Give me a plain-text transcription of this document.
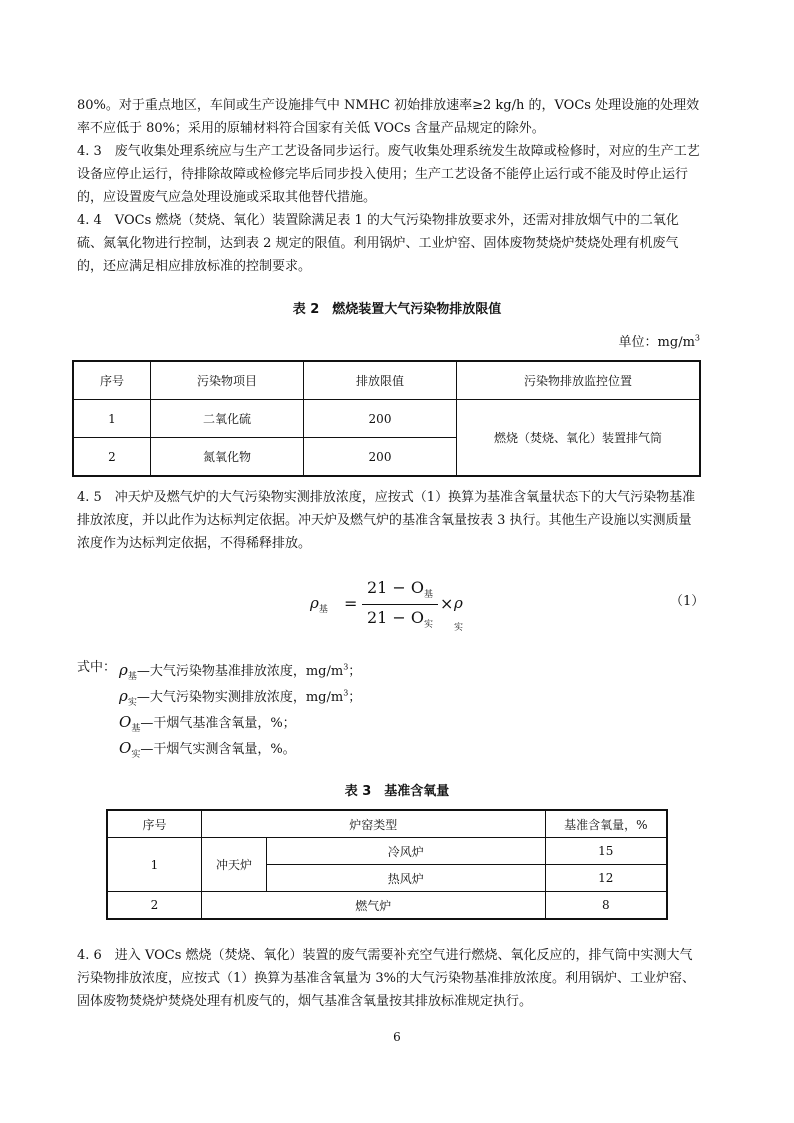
80%。对于重点地区，车间或生产设施排气中 NMHC 初始排放速率≥2 kg/h 的，VOCs 处理设施的处理效率不应低于 80%；采用的原辅材料符合国家有关低 VOCs 含量产品规定的除外。

4. 3　废气收集处理系统应与生产工艺设备同步运行。废气收集处理系统发生故障或检修时，对应的生产工艺设备应停止运行，待排除故障或检修完毕后同步投入使用；生产工艺设备不能停止运行或不能及时停止运行的，应设置废气应急处理设施或采取其他替代措施。

4. 4　VOCs 燃烧（焚烧、氧化）装置除满足表 1 的大气污染物排放要求外，还需对排放烟气中的二氧化硫、氮氧化物进行控制，达到表 2 规定的限值。利用锅炉、工业炉窑、固体废物焚烧炉焚烧处理有机废气的，还应满足相应排放标准的控制要求。

表 2　燃烧装置大气污染物排放限值
单位：$mg/m^3$
序号	污染物项目	排放限值	污染物排放监控位置
1	二氧化硫	200	燃烧（焚烧、氧化）装置排气筒
2	氮氧化物	200	

4. 5　冲天炉及燃气炉的大气污染物实测排放浓度，应按式（1）换算为基准含氧量状态下的大气污染物基准排放浓度，并以此作为达标判定依据。冲天炉及燃气炉的基准含氧量按表 3 执行。其他生产设施以实测质量浓度作为达标判定依据，不得稀释排放。

$\rho_基$ =
$21 - O_基$
$21 - O_实$
× $\rho_实$
（1）
式中： $\rho_基—$大气污染物基准排放浓度，$mg/m^3$；
$\rho_实—$大气污染物实测排放浓度，$mg/m^3$；
$O_基—$干烟气基准含氧量，%；
$O_实—$干烟气实测含氧量，%。
表 3　基准含氧量
序号	炉窑类型		基准含氧量，%
1	冲天炉	冷风炉	15
		热风炉	12
2	燃气炉		8

4. 6　进入 VOCs 燃烧（焚烧、氧化）装置的废气需要补充空气进行燃烧、氧化反应的，排气筒中实测大气污染物排放浓度，应按式（1）换算为基准含氧量为 3%的大气污染物基准排放浓度。利用锅炉、工业炉窑、固体废物焚烧炉焚烧处理有机废气的，烟气基准含氧量按其排放标准规定执行。

6
